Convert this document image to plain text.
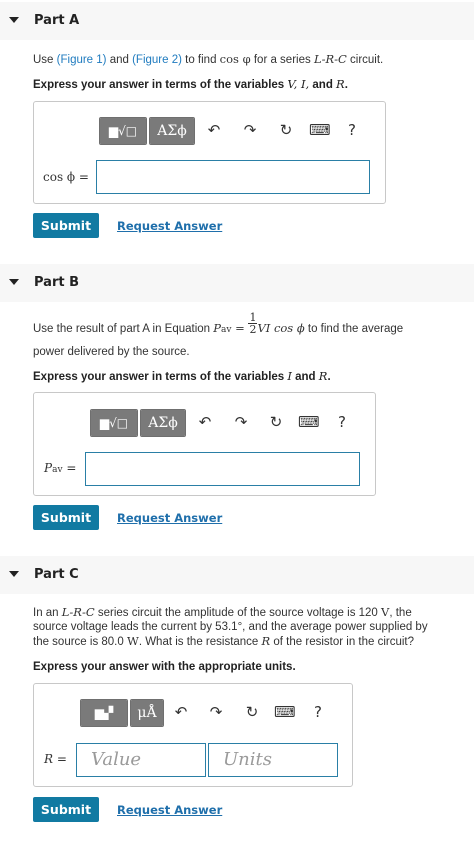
Part A
Use (Figure 1) and (Figure 2) to find cos φ for a series L-R-C circuit.
Express your answer in terms of the variables V, I, and R.
▆√□	ΑΣϕ	↶ ↷ ↻ ⌨	?
cos ϕ =
Submit	Request Answer
Part B
Use the result of part A in Equation Pav = $\frac{1}{2}$ VI cos ϕ to find the average
power delivered by the source.
Express your answer in terms of the variables I and R.
▆√□	ΑΣϕ	↶ ↷ ↻ ⌨	?
Pav =
Submit	Request Answer
Part C
In an L-R-C series circuit the amplitude of the source voltage is 120 V, the
source voltage leads the current by 53.1°, and the average power supplied by
the source is 80.0 W. What is the resistance R of the resistor in the circuit?
Express your answer with the appropriate units.
▆▞	μÅ	↶ ↷ ↻ ⌨	?
R = Value	Units
Submit	Request Answer
